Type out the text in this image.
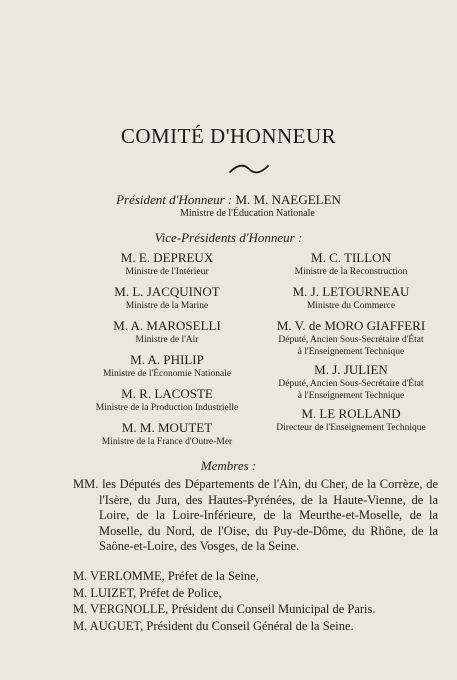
COMITÉ D'HONNEUR
Président d'Honneur : M. M. NAEGELEN
Ministre de l'Éducation Nationale
Vice-Présidents d'Honneur :
M. E. DEPREUX
Ministre de l'Intérieur
M. L. JACQUINOT
Ministre de la Marine
M. A. MAROSELLI
Ministre de l'Air
M. A. PHILIP
Ministre de l'Économie Nationale
M. R. LACOSTE
Ministre de la Production Industrielle
M. M. MOUTET
Ministre de la France d'Outre-Mer
M. C. TILLON
Ministre de la Reconstruction
M. J. LETOURNEAU
Ministre du Commerce
M. V. de MORO GIAFFERI
Député, Ancien Sous-Secrétaire d'État
à l'Enseignement Technique
M. J. JULIEN
Député, Ancien Sous-Secrétaire d'État
à l'Enseignement Technique
M. LE ROLLAND
Directeur de l'Enseignement Technique
Membres :
MM. les Députés des Départements de l'Ain, du Cher, de la Corrèze, de l'Isère, du Jura, des Hautes-Pyrénées, de la Haute-Vienne, de la Loire, de la Loire-Inférieure, de la Meurthe-et-Moselle, de la Moselle, du Nord, de l'Oise, du Puy-de-Dôme, du Rhône, de la Saône-et-Loire, des Vosges, de la Seine.
M. VERLOMME, Préfet de la Seine,
M. LUIZET, Préfet de Police,
M. VERGNOLLE, Président du Conseil Municipal de Paris.
M. AUGUET, Président du Conseil Général de la Seine.
